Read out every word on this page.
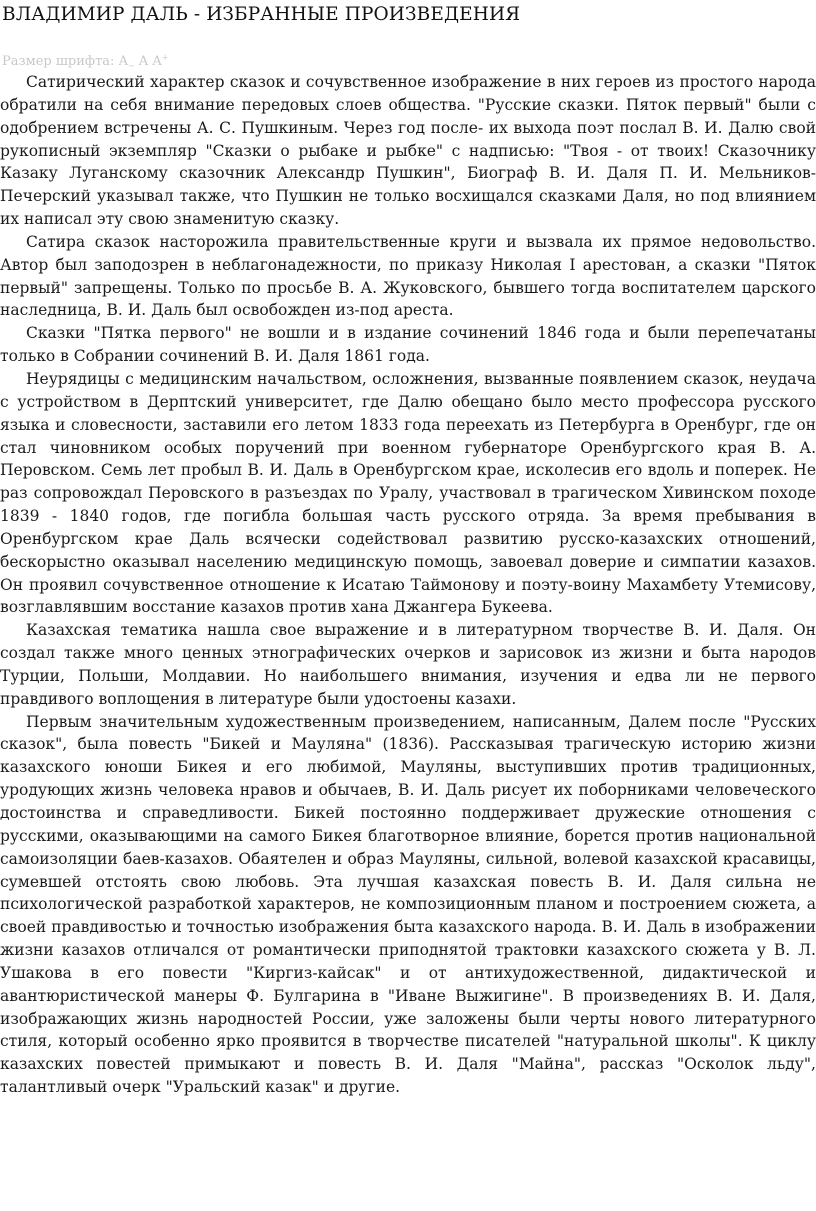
ВЛАДИМИР ДАЛЬ - ИЗБРАННЫЕ ПРОИЗВЕДЕНИЯ
Размер шрифта: $A_-$ A A+

Сатирический характер сказок и сочувственное изображение в них героев из простого народа обратили на себя внимание передовых слоев общества. "Русские сказки. Пяток первый" были с одобрением встречены А. С. Пушкиным. Через год после- их выхода поэт послал В. И. Далю свой рукописный экземпляр "Сказки о рыбаке и рыбке" с надписью: "Твоя - от твоих! Сказочнику Казаку Луганскому сказочник Александр Пушкин", Биограф В. И. Даля П. И. Мельников-Печерский указывал также, что Пушкин не только восхищался сказками Даля, но под влиянием их написал эту свою знаменитую сказку.

Сатира сказок насторожила правительственные круги и вызвала их прямое недовольство. Автор был заподозрен в неблагонадежности, по приказу Николая I арестован, а сказки "Пяток первый" запрещены. Только по просьбе В. А. Жуковского, бывшего тогда воспитателем царского наследница, В. И. Даль был освобожден из-под ареста.

Сказки "Пятка первого" не вошли и в издание сочинений 1846 года и были перепечатаны только в Собрании сочинений В. И. Даля 1861 года.

Неурядицы с медицинским начальством, осложнения, вызванные появлением сказок, неудача с устройством в Дерптский университет, где Далю обещано было место профессора русского языка и словесности, заставили его летом 1833 года переехать из Петербурга в Оренбург, где он стал чиновником особых поручений при военном губернаторе Оренбургского края В. А. Перовском. Семь лет пробыл В. И. Даль в Оренбургском крае, исколесив его вдоль и поперек. Не раз сопровождал Перовского в разъездах по Уралу, участвовал в трагическом Хивинском походе 1839 - 1840 годов, где погибла большая часть русского отряда. За время пребывания в Оренбургском крае Даль всячески содействовал развитию русско-казахских отношений, бескорыстно оказывал населению медицинскую помощь, завоевал доверие и симпатии казахов. Он проявил сочувственное отношение к Исатаю Таймонову и поэту-воину Махамбету Утемисову, возглавлявшим восстание казахов против хана Джангера Букеева.

Казахская тематика нашла свое выражение и в литературном творчестве В. И. Даля. Он создал также много ценных этнографических очерков и зарисовок из жизни и быта народов Турции, Польши, Молдавии. Но наибольшего внимания, изучения и едва ли не первого правдивого воплощения в литературе были удостоены казахи.

Первым значительным художественным произведением, написанным, Далем после "Русских сказок", была повесть "Бикей и Мауляна" (1836). Рассказывая трагическую историю жизни казахского юноши Бикея и его любимой, Мауляны, выступивших против традиционных, уродующих жизнь человека нравов и обычаев, В. И. Даль рисует их поборниками человеческого достоинства и справедливости. Бикей постоянно поддерживает дружеские отношения с русскими, оказывающими на самого Бикея благотворное влияние, борется против национальной самоизоляции баев-казахов. Обаятелен и образ Мауляны, сильной, волевой казахской красавицы, сумевшей отстоять свою любовь. Эта лучшая казахская повесть В. И. Даля сильна не психологической разработкой характеров, не композиционным планом и построением сюжета, а своей правдивостью и точностью изображения быта казахского народа. В. И. Даль в изображении жизни казахов отличался от романтически приподнятой трактовки казахского сюжета у В. Л. Ушакова в его повести "Киргиз-кайсак" и от антихудожественной, дидактической и авантюристической манеры Ф. Булгарина в "Иване Выжигине". В произведениях В. И. Даля, изображающих жизнь народностей России, уже заложены были черты нового литературного стиля, который особенно ярко проявится в творчестве писателей "натуральной школы". К циклу казахских повестей примыкают и повесть В. И. Даля "Майна", рассказ "Осколок льду", талантливый очерк "Уральский казак" и другие.
